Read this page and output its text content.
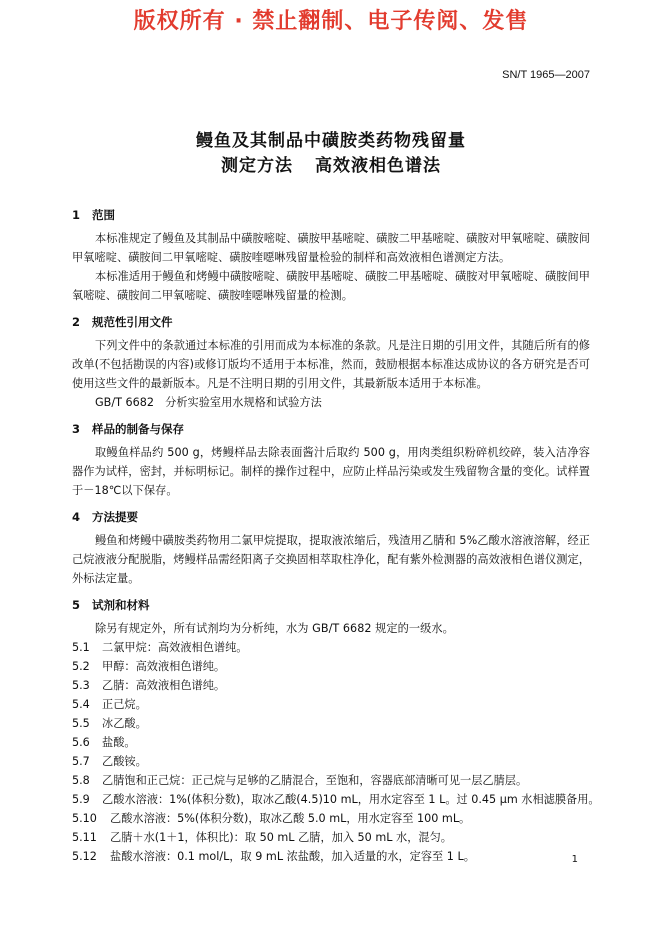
版权所有 · 禁止翻制、电子传阅、发售
SN/T 1965—2007
鳗鱼及其制品中磺胺类药物残留量
测定方法 高效液相色谱法
1 范围
本标准规定了鳗鱼及其制品中磺胺嘧啶、磺胺甲基嘧啶、磺胺二甲基嘧啶、磺胺对甲氧嘧啶、磺胺间甲氧嘧啶、磺胺间二甲氧嘧啶、磺胺喹噁啉残留量检验的制样和高效液相色谱测定方法。
本标准适用于鳗鱼和烤鳗中磺胺嘧啶、磺胺甲基嘧啶、磺胺二甲基嘧啶、磺胺对甲氧嘧啶、磺胺间甲氧嘧啶、磺胺间二甲氧嘧啶、磺胺喹噁啉残留量的检测。
2 规范性引用文件
下列文件中的条款通过本标准的引用而成为本标准的条款。凡是注日期的引用文件，其随后所有的修改单(不包括勘误的内容)或修订版均不适用于本标准，然而，鼓励根据本标准达成协议的各方研究是否可使用这些文件的最新版本。凡是不注明日期的引用文件，其最新版本适用于本标准。
GB/T 6682　分析实验室用水规格和试验方法
3 样品的制备与保存
取鳗鱼样品约 500 g，烤鳗样品去除表面酱汁后取约 500 g，用肉类组织粉碎机绞碎，装入洁净容器作为试样，密封，并标明标记。制样的操作过程中，应防止样品污染或发生残留物含量的变化。试样置于－18℃以下保存。
4 方法提要
鳗鱼和烤鳗中磺胺类药物用二氯甲烷提取，提取液浓缩后，残渣用乙腈和 5%乙酸水溶液溶解，经正己烷液液分配脱脂，烤鳗样品需经阳离子交换固相萃取柱净化，配有紫外检测器的高效液相色谱仪测定，外标法定量。
5 试剂和材料
除另有规定外，所有试剂均为分析纯，水为 GB/T 6682 规定的一级水。
5.1 二氯甲烷：高效液相色谱纯。
5.2 甲醇：高效液相色谱纯。
5.3 乙腈：高效液相色谱纯。
5.4 正己烷。
5.5 冰乙酸。
5.6 盐酸。
5.7 乙酸铵。
5.8 乙腈饱和正己烷：正己烷与足够的乙腈混合，至饱和，容器底部清晰可见一层乙腈层。
5.9 乙酸水溶液：1%(体积分数)，取冰乙酸(4.5)10 mL，用水定容至 1 L。过 0.45 μm 水相滤膜备用。
5.10 乙酸水溶液：5%(体积分数)，取冰乙酸 5.0 mL，用水定容至 100 mL。
5.11 乙腈＋水(1＋1，体积比)：取 50 mL 乙腈，加入 50 mL 水，混匀。
5.12 盐酸水溶液：0.1 mol/L，取 9 mL 浓盐酸，加入适量的水，定容至 1 L。	1
